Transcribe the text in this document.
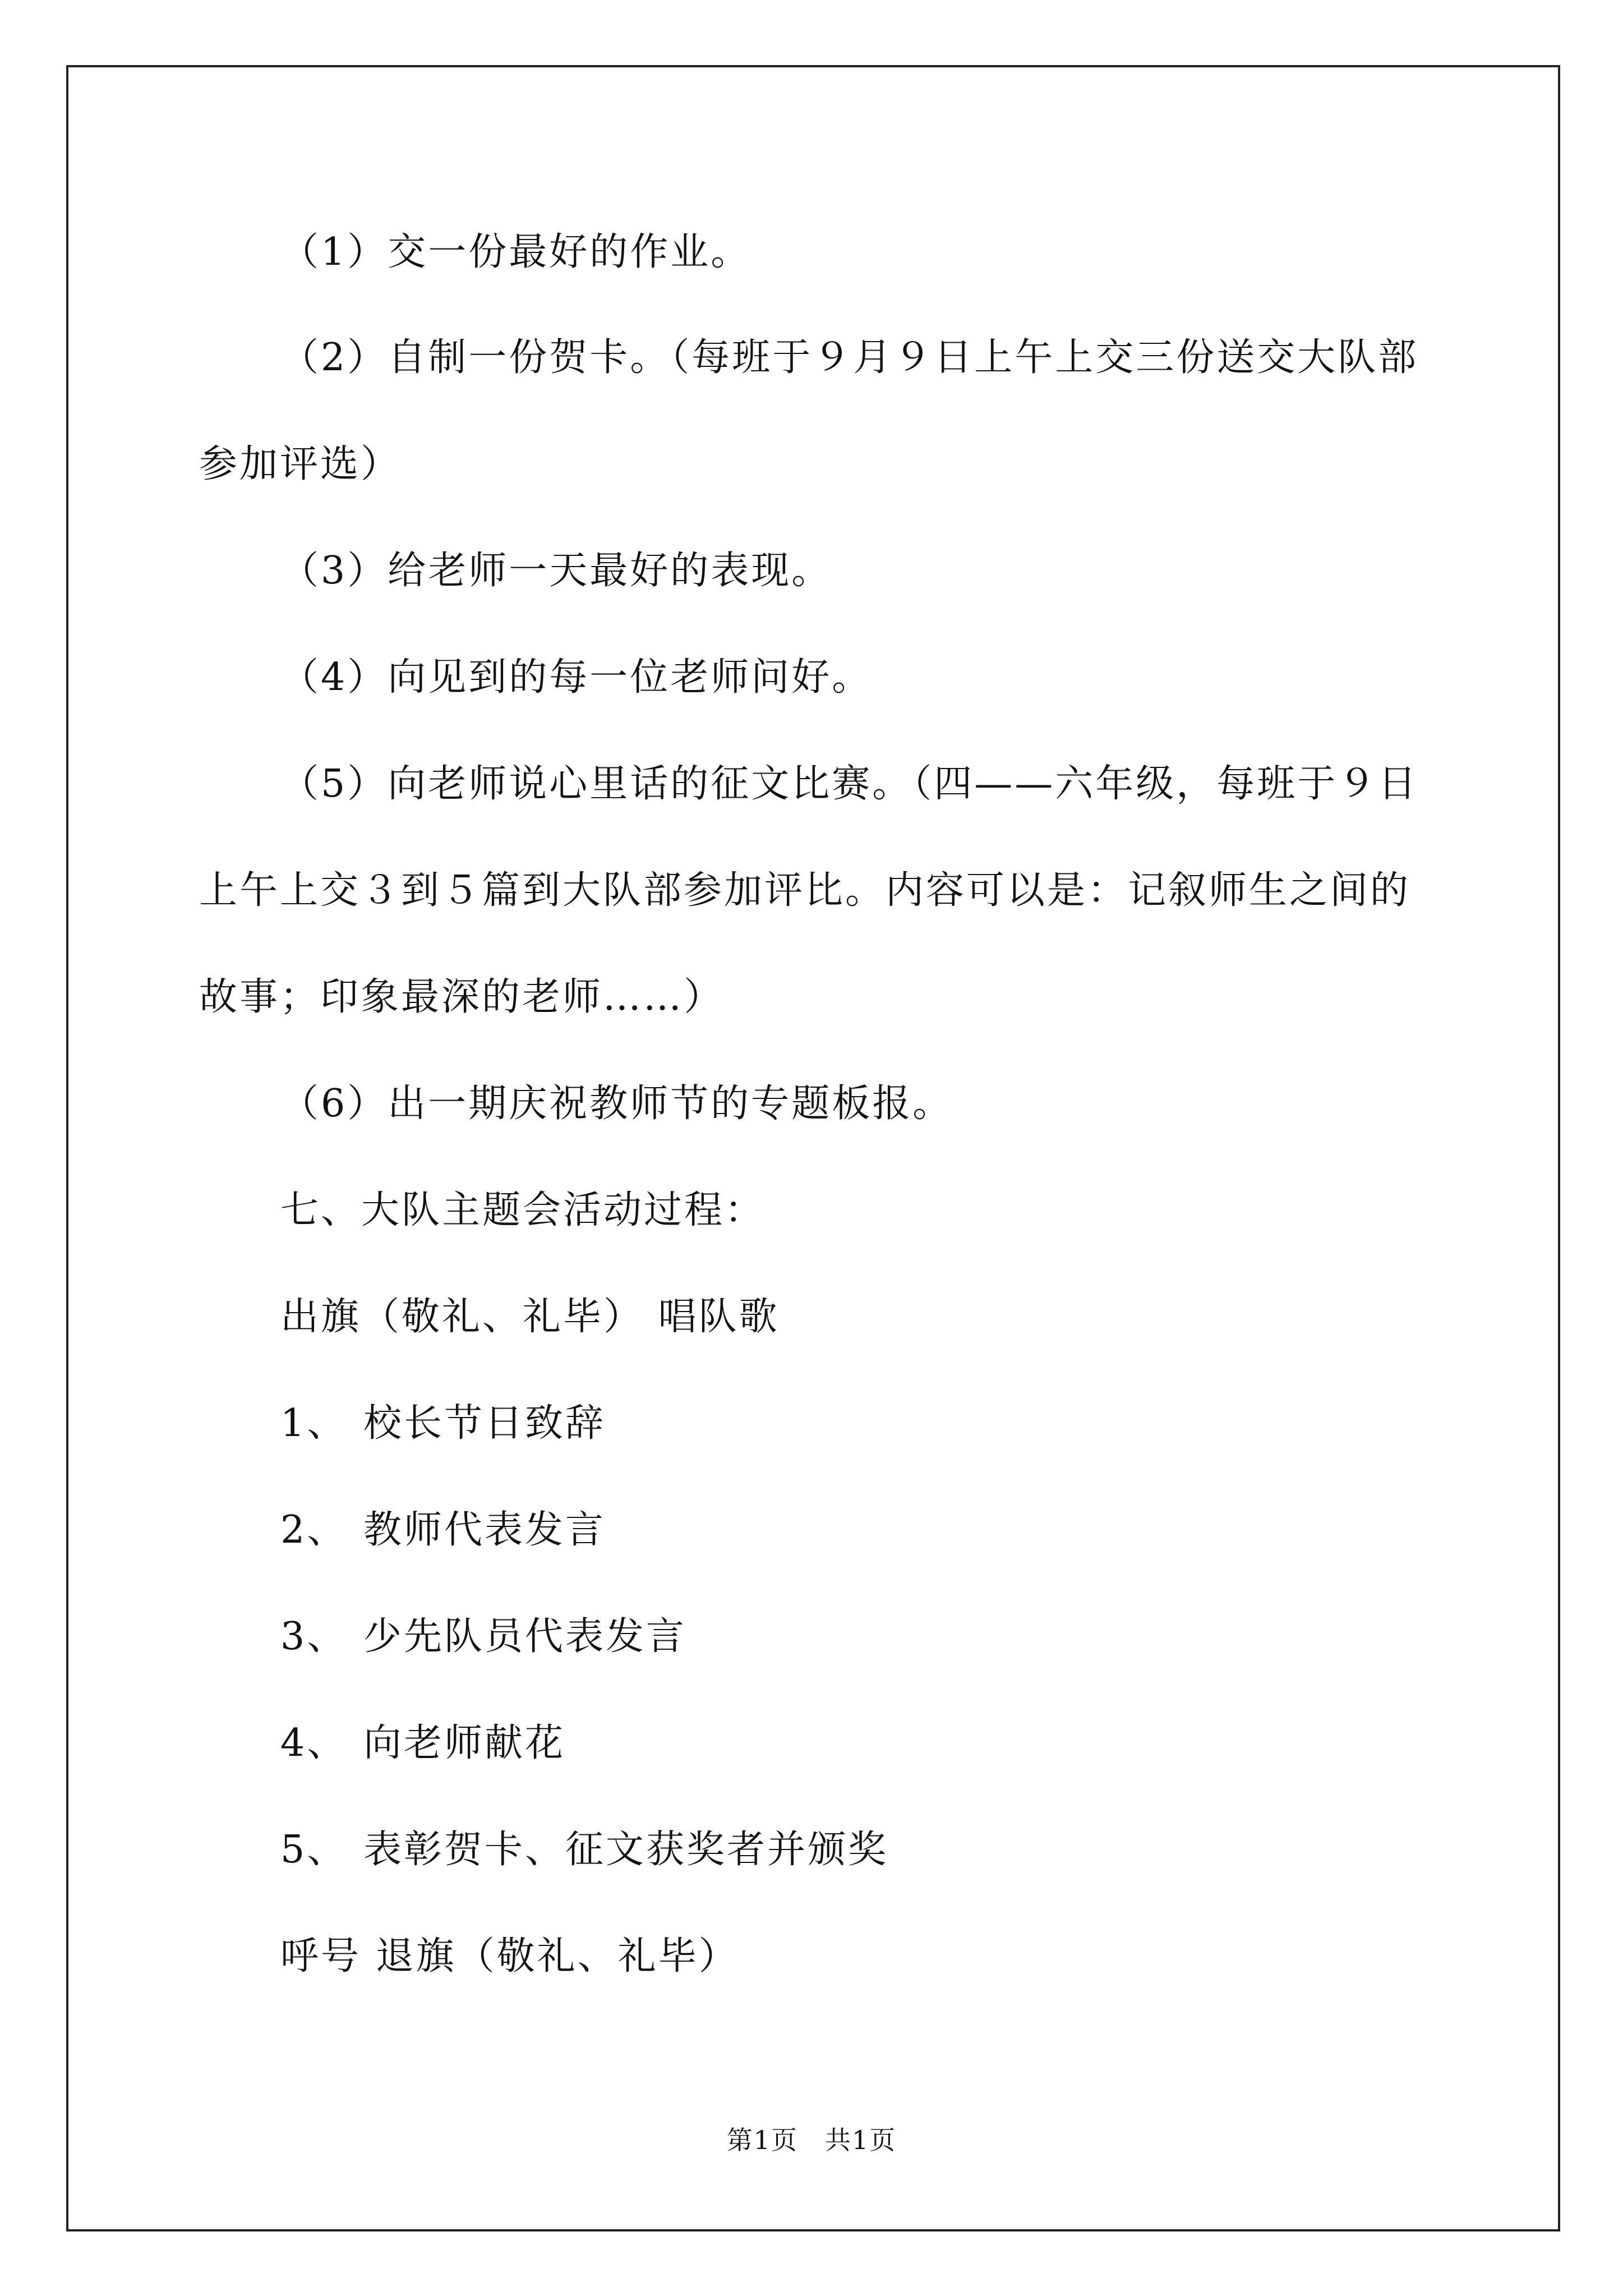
（1）交一份最好的作业。
（2）自制一份贺卡。（每班于９月９日上午上交三份送交大队部
参加评选）
（3）给老师一天最好的表现。
（4）向见到的每一位老师问好。
（5）向老师说心里话的征文比赛。（四——六年级，每班于９日
上午上交３到５篇到大队部参加评比。内容可以是：记叙师生之间的
故事；印象最深的老师……）
（6）出一期庆祝教师节的专题板报。
七、大队主题会活动过程：
出旗（敬礼、礼毕） 唱队歌
1、 校长节日致辞
2、 教师代表发言
3、 少先队员代表发言
4、 向老师献花
5、 表彰贺卡、征文获奖者并颁奖
呼号 退旗（敬礼、礼毕）
第1页　共1页
